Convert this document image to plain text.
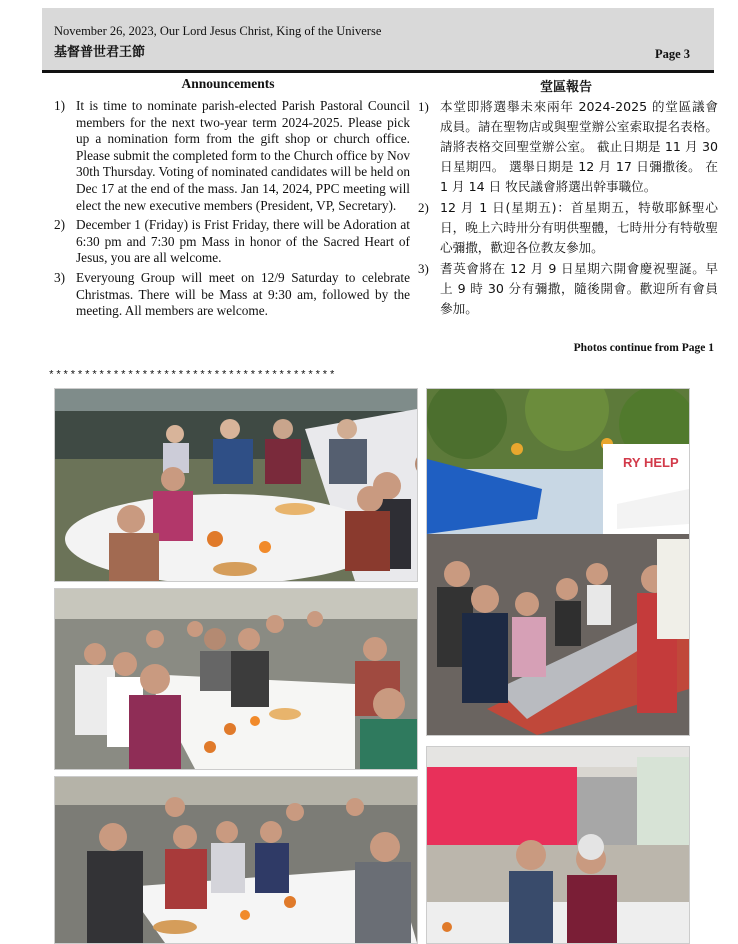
November 26, 2023, Our Lord Jesus Christ, King of the Universe
基督普世君王節	Page 3
Announcements
1) It is time to nominate parish-elected Parish Pastoral Council members for the next two-year term 2024-2025. Please pick up a nomination form from the gift shop or church office. Please submit the completed form to the Church office by Nov 30th Thursday. Voting of nominated candidates will be held on Dec 17 at the end of the mass. Jan 14, 2024, PPC meeting will elect the new executive members (President, VP, Secretary).
2) December 1 (Friday) is Frist Friday, there will be Adoration at 6:30 pm and 7:30 pm Mass in honor of the Sacred Heart of Jesus, you are all welcome.
3) Everyoung Group will meet on 12/9 Saturday to celebrate Christmas. There will be Mass at 9:30 am, followed by the meeting. All members are welcome.
堂區報告
1) 本堂即將選舉未來兩年 2024-2025 的堂區議會成員。請在聖物店或與聖堂辦公室索取提名表格。請將表格交回聖堂辦公室。 截止日期是 11 月 30 日星期四。 選舉日期是 12 月 17 日彌撒後。 在 1 月 14 日 牧民議會將選出幹事職位。
2) 12 月 1 日(星期五)：首星期五，特敬耶穌聖心日，晚上六時卅分有明供聖體，七時卅分有特敬聖心彌撒，歡迎各位教友參加。
3) 耆英會將在 12 月 9 日星期六開會慶祝聖誕。早上 9 時 30 分有彌撒，隨後開會。歡迎所有會員參加。
Photos continue from Page 1
****************************************
RY HELP
